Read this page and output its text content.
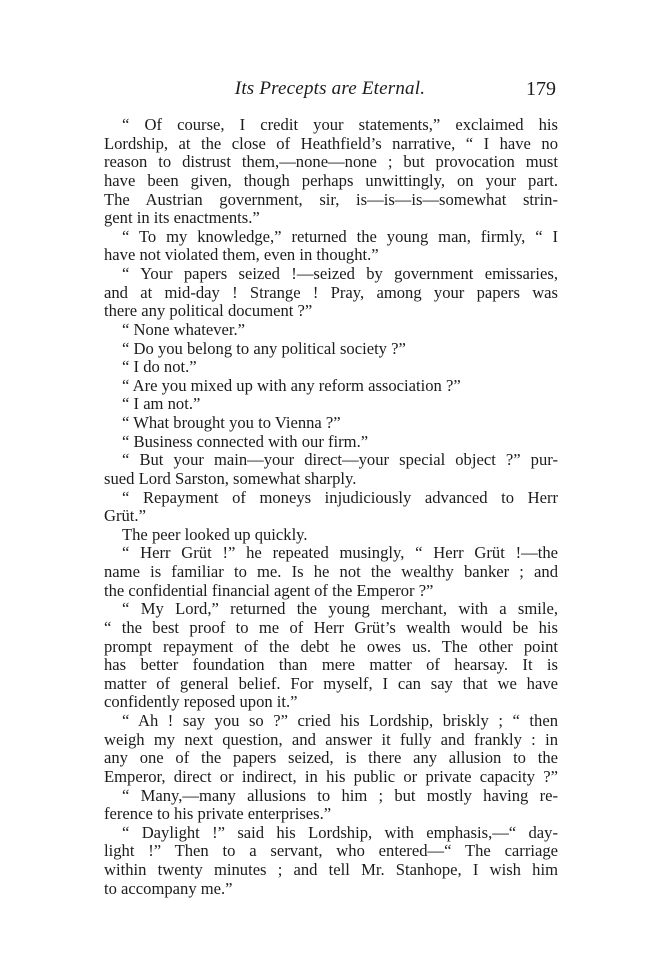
Its Precepts are Eternal.	179
“ Of course, I credit your statements,” exclaimed his
Lordship, at the close of Heathfield’s narrative, “ I have no
reason to distrust them,—none—none ; but provocation must
have been given, though perhaps unwittingly, on your part.
The Austrian government, sir, is—is—is—somewhat strin-
gent in its enactments.”
“ To my knowledge,” returned the young man, firmly, “ I
have not violated them, even in thought.”
“ Your papers seized !—seized by government emissaries,
and at mid-day ! Strange ! Pray, among your papers was
there any political document ?”
“ None whatever.”
“ Do you belong to any political society ?”
“ I do not.”
“ Are you mixed up with any reform association ?”
“ I am not.”
“ What brought you to Vienna ?”
“ Business connected with our firm.”
“ But your main—your direct—your special object ?” pur-
sued Lord Sarston, somewhat sharply.
“ Repayment of moneys injudiciously advanced to Herr
Grüt.”
The peer looked up quickly.
“ Herr Grüt !” he repeated musingly, “ Herr Grüt !—the
name is familiar to me. Is he not the wealthy banker ; and
the confidential financial agent of the Emperor ?”
“ My Lord,” returned the young merchant, with a smile,
“ the best proof to me of Herr Grüt’s wealth would be his
prompt repayment of the debt he owes us. The other point
has better foundation than mere matter of hearsay. It is
matter of general belief. For myself, I can say that we have
confidently reposed upon it.”
“ Ah ! say you so ?” cried his Lordship, briskly ; “ then
weigh my next question, and answer it fully and frankly : in
any one of the papers seized, is there any allusion to the
Emperor, direct or indirect, in his public or private capacity ?”
“ Many,—many allusions to him ; but mostly having re-
ference to his private enterprises.”
“ Daylight !” said his Lordship, with emphasis,—“ day-
light !” Then to a servant, who entered—“ The carriage
within twenty minutes ; and tell Mr. Stanhope, I wish him
to accompany me.”
